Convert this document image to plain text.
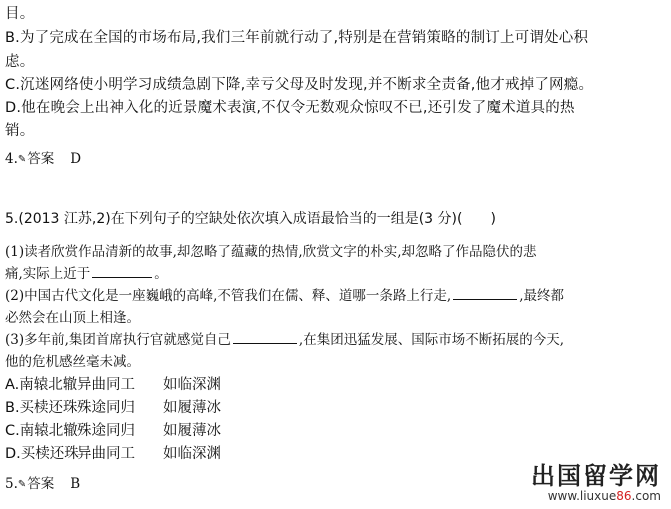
目。
B.为了完成在全国的市场布局,我们三年前就行动了,特别是在营销策略的制订上可谓处心积
虑。
C.沉迷网络使小明学习成绩急剧下降,幸亏父母及时发现,并不断求全责备,他才戒掉了网瘾。
D.他在晚会上出神入化的近景魔术表演,不仅令无数观众惊叹不已,还引发了魔术道具的热
销。
4.✎答案 D
5.(2013 江苏,2)在下列句子的空缺处依次填入成语最恰当的一组是(3 分)(　　)
(1)读者欣赏作品清新的故事,却忽略了蕴藏的热情,欣赏文字的朴实,却忽略了作品隐伏的悲
痛,实际上近于	。
(2)中国古代文化是一座巍峨的高峰,不管我们在儒、释、道哪一条路上行走,	,最终都
必然会在山顶上相逢。
(3)多年前,集团首席执行官就感觉自己	,在集团迅猛发展、国际市场不断拓展的今天,
他的危机感丝毫未减。
A.南辕北辙异曲同工 如临深渊
B.买椟还珠殊途同归 如履薄冰
C.南辕北辙殊途同归 如履薄冰
D.买椟还珠异曲同工 如临深渊
5.✎答案 B	出国留学网
www.liuxue86.com
